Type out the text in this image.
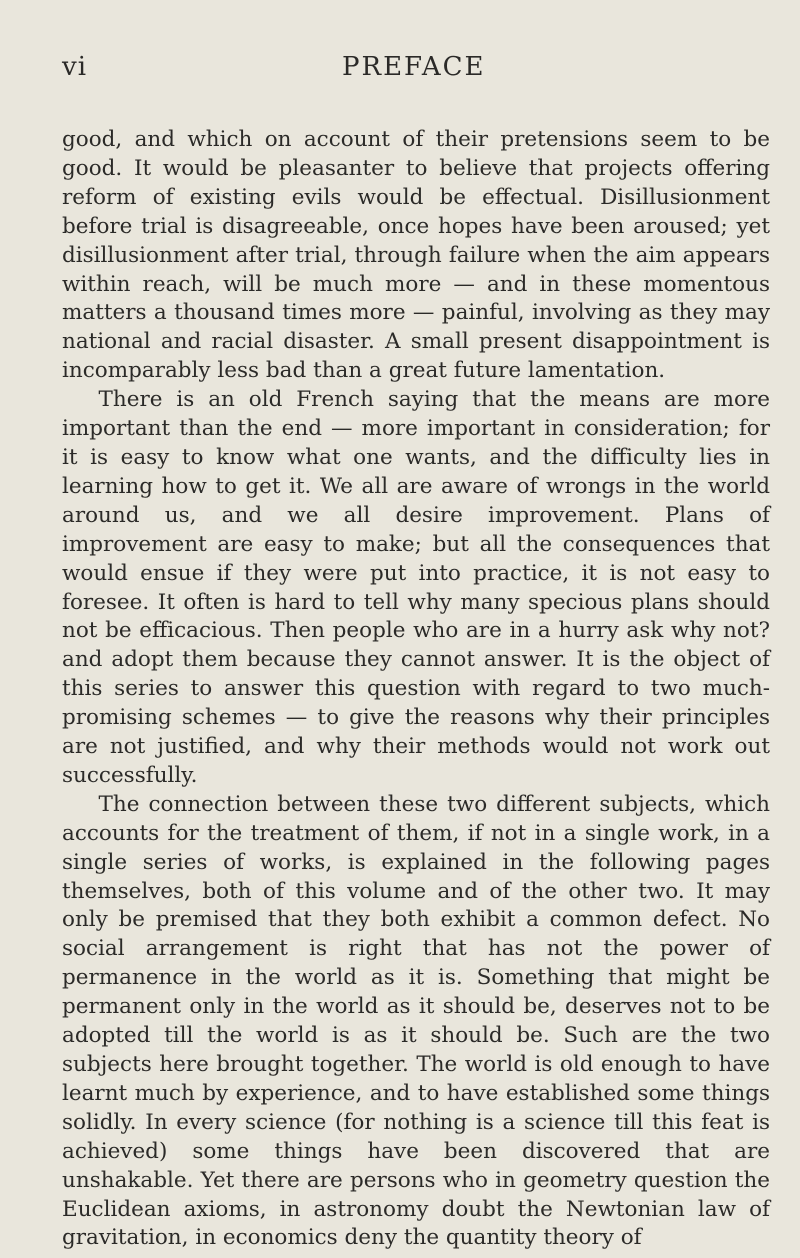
vi	PREFACE

good, and which on account of their pretensions seem to be good. It would be pleasanter to believe that projects offering reform of existing evils would be effectual. Disillusionment before trial is disagreeable, once hopes have been aroused; yet disillusionment after trial, through failure when the aim appears within reach, will be much more — and in these momentous matters a thousand times more — painful, involving as they may national and racial disaster. A small present disappointment is incomparably less bad than a great future lamentation.

There is an old French saying that the means are more important than the end — more important in consideration; for it is easy to know what one wants, and the difficulty lies in learning how to get it. We all are aware of wrongs in the world around us, and we all desire improvement. Plans of improvement are easy to make; but all the consequences that would ensue if they were put into practice, it is not easy to foresee. It often is hard to tell why many specious plans should not be efficacious. Then people who are in a hurry ask why not? and adopt them because they cannot answer. It is the object of this series to answer this question with regard to two much-promising schemes — to give the reasons why their principles are not justified, and why their methods would not work out successfully.

The connection between these two different subjects, which accounts for the treatment of them, if not in a single work, in a single series of works, is explained in the following pages themselves, both of this volume and of the other two. It may only be premised that they both exhibit a common defect. No social arrangement is right that has not the power of permanence in the world as it is. Something that might be permanent only in the world as it should be, deserves not to be adopted till the world is as it should be. Such are the two subjects here brought together. The world is old enough to have learnt much by experience, and to have established some things solidly. In every science (for nothing is a science till this feat is achieved) some things have been discovered that are unshakable. Yet there are persons who in geometry question the Euclidean axioms, in astronomy doubt the Newtonian law of gravitation, in economics deny the quantity theory of
